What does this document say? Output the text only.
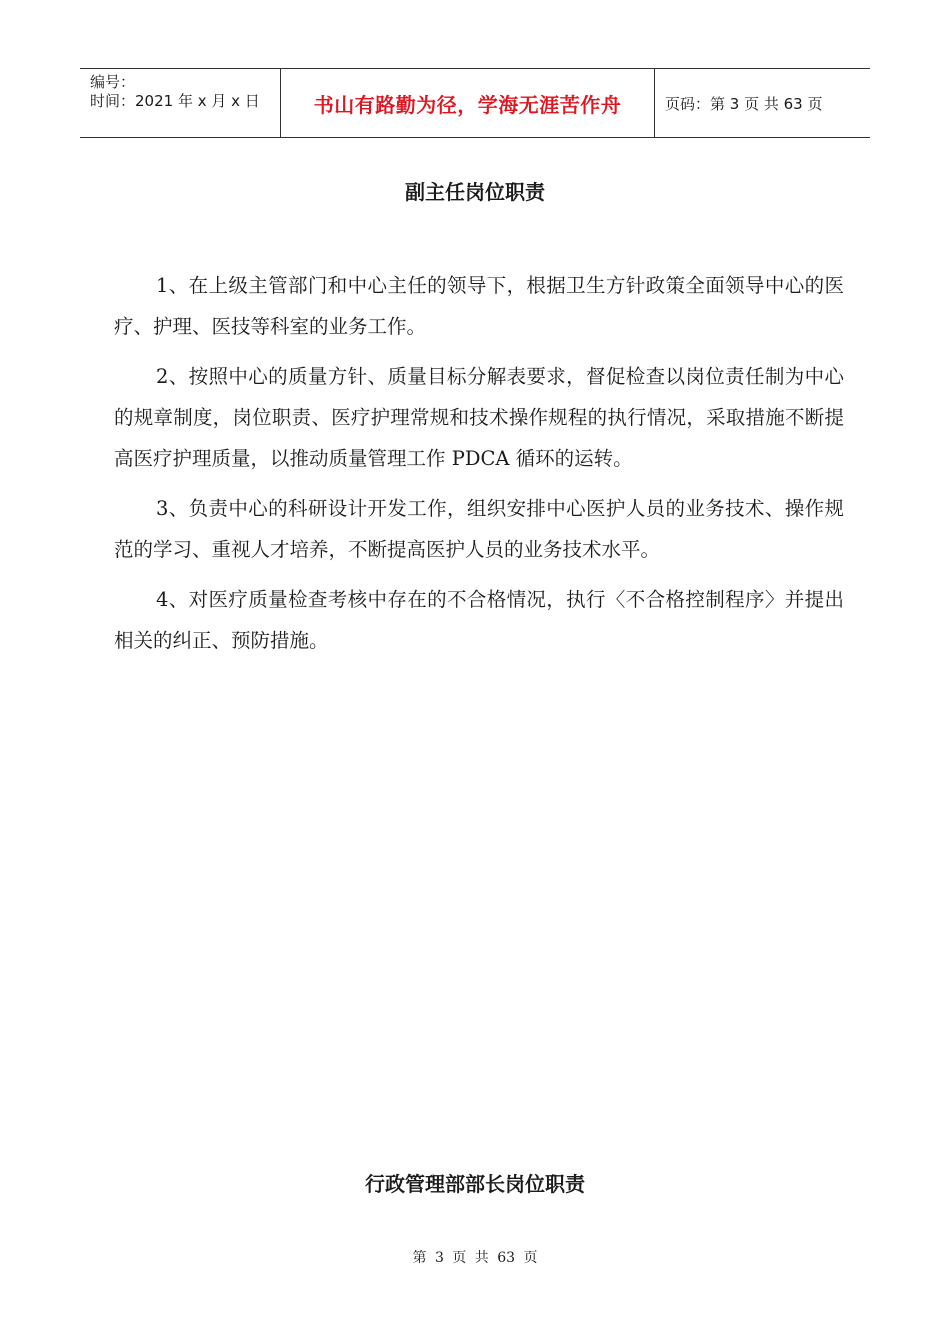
编号：
时间：2021 年 x 月 x 日	书山有路勤为径，学海无涯苦作舟	页码：第 3 页 共 63 页
副主任岗位职责

1、在上级主管部门和中心主任的领导下，根据卫生方针政策全面领导中心的医疗、护理、医技等科室的业务工作。

2、按照中心的质量方针、质量目标分解表要求，督促检查以岗位责任制为中心的规章制度，岗位职责、医疗护理常规和技术操作规程的执行情况，采取措施不断提高医疗护理质量，以推动质量管理工作 PDCA 循环的运转。

3、负责中心的科研设计开发工作，组织安排中心医护人员的业务技术、操作规范的学习、重视人才培养，不断提高医护人员的业务技术水平。

4、对医疗质量检查考核中存在的不合格情况，执行〈不合格控制程序〉并提出相关的纠正、预防措施。

行政管理部部长岗位职责
第 3 页 共 63 页
